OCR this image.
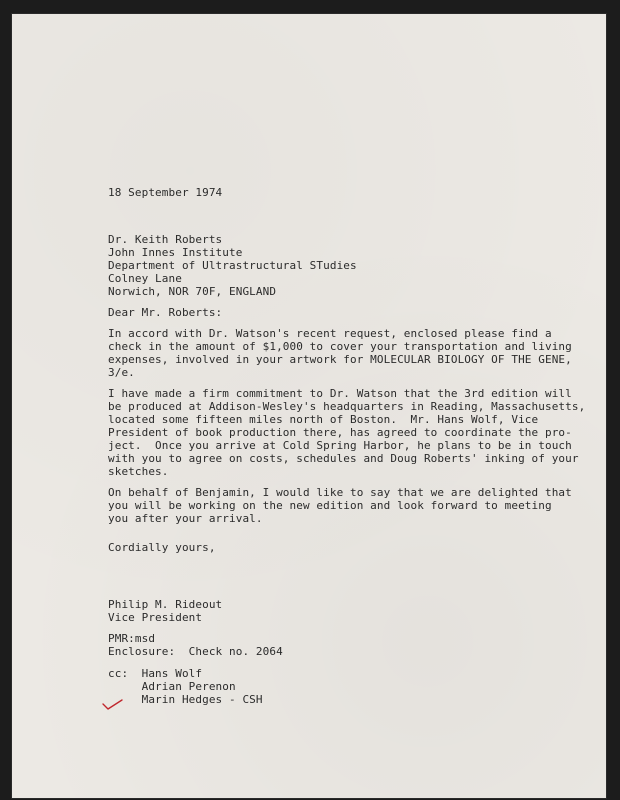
18 September 1974
Dr. Keith Roberts
John Innes Institute
Department of Ultrastructural STudies
Colney Lane
Norwich, NOR 70F, ENGLAND
Dear Mr. Roberts:
In accord with Dr. Watson's recent request, enclosed please find a
check in the amount of $1,000 to cover your transportation and living
expenses, involved in your artwork for MOLECULAR BIOLOGY OF THE GENE,
3/e.
I have made a firm commitment to Dr. Watson that the 3rd edition will
be produced at Addison-Wesley's headquarters in Reading, Massachusetts,
located some fifteen miles north of Boston.  Mr. Hans Wolf, Vice
President of book production there, has agreed to coordinate the pro-
ject.  Once you arrive at Cold Spring Harbor, he plans to be in touch
with you to agree on costs, schedules and Doug Roberts' inking of your
sketches.
On behalf of Benjamin, I would like to say that we are delighted that
you will be working on the new edition and look forward to meeting
you after your arrival.
Cordially yours,
Philip M. Rideout
Vice President
PMR:msd
Enclosure:  Check no. 2064
cc:  Hans Wolf
Adrian Perenon
Marin Hedges - CSH
